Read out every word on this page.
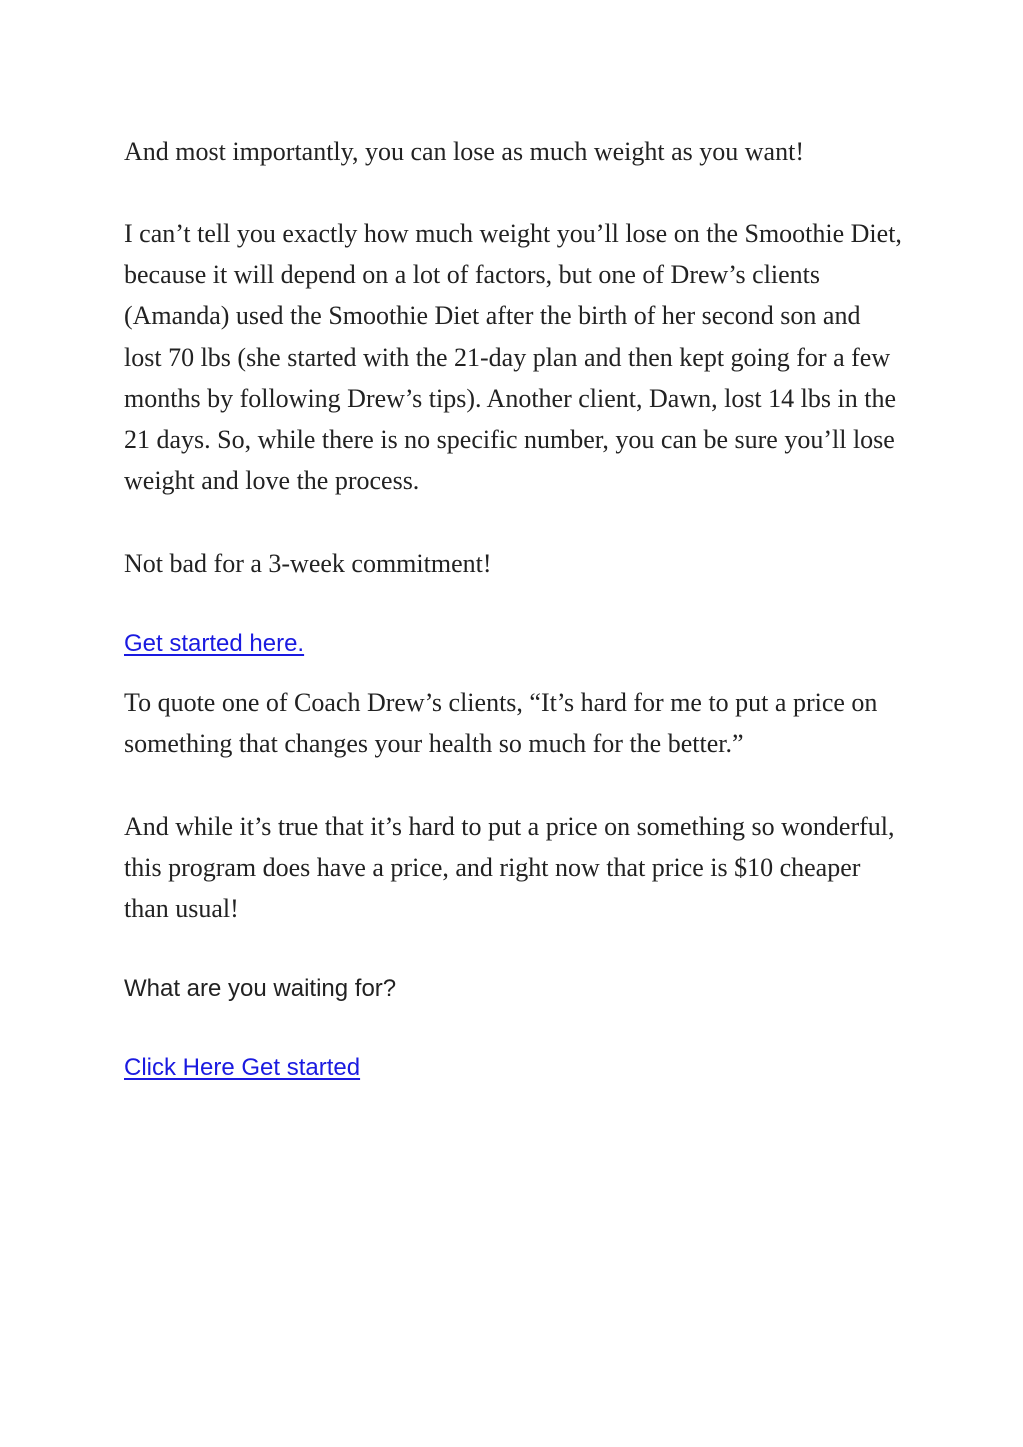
And most importantly, you can lose as much weight as you want!

I can’t tell you exactly how much weight you’ll lose on the Smoothie Diet, because it will depend on a lot of factors, but one of Drew’s clients (Amanda) used the Smoothie Diet after the birth of her second son and lost 70 lbs (she started with the 21-day plan and then kept going for a few months by following Drew’s tips). Another client, Dawn, lost 14 lbs in the 21 days. So, while there is no specific number, you can be sure you’ll lose weight and love the process.

Not bad for a 3-week commitment!

Get started here.

To quote one of Coach Drew’s clients, “It’s hard for me to put a price on something that changes your health so much for the better.”

And while it’s true that it’s hard to put a price on something so wonderful, this program does have a price, and right now that price is $10 cheaper than usual!

What are you waiting for?

Click Here Get started
